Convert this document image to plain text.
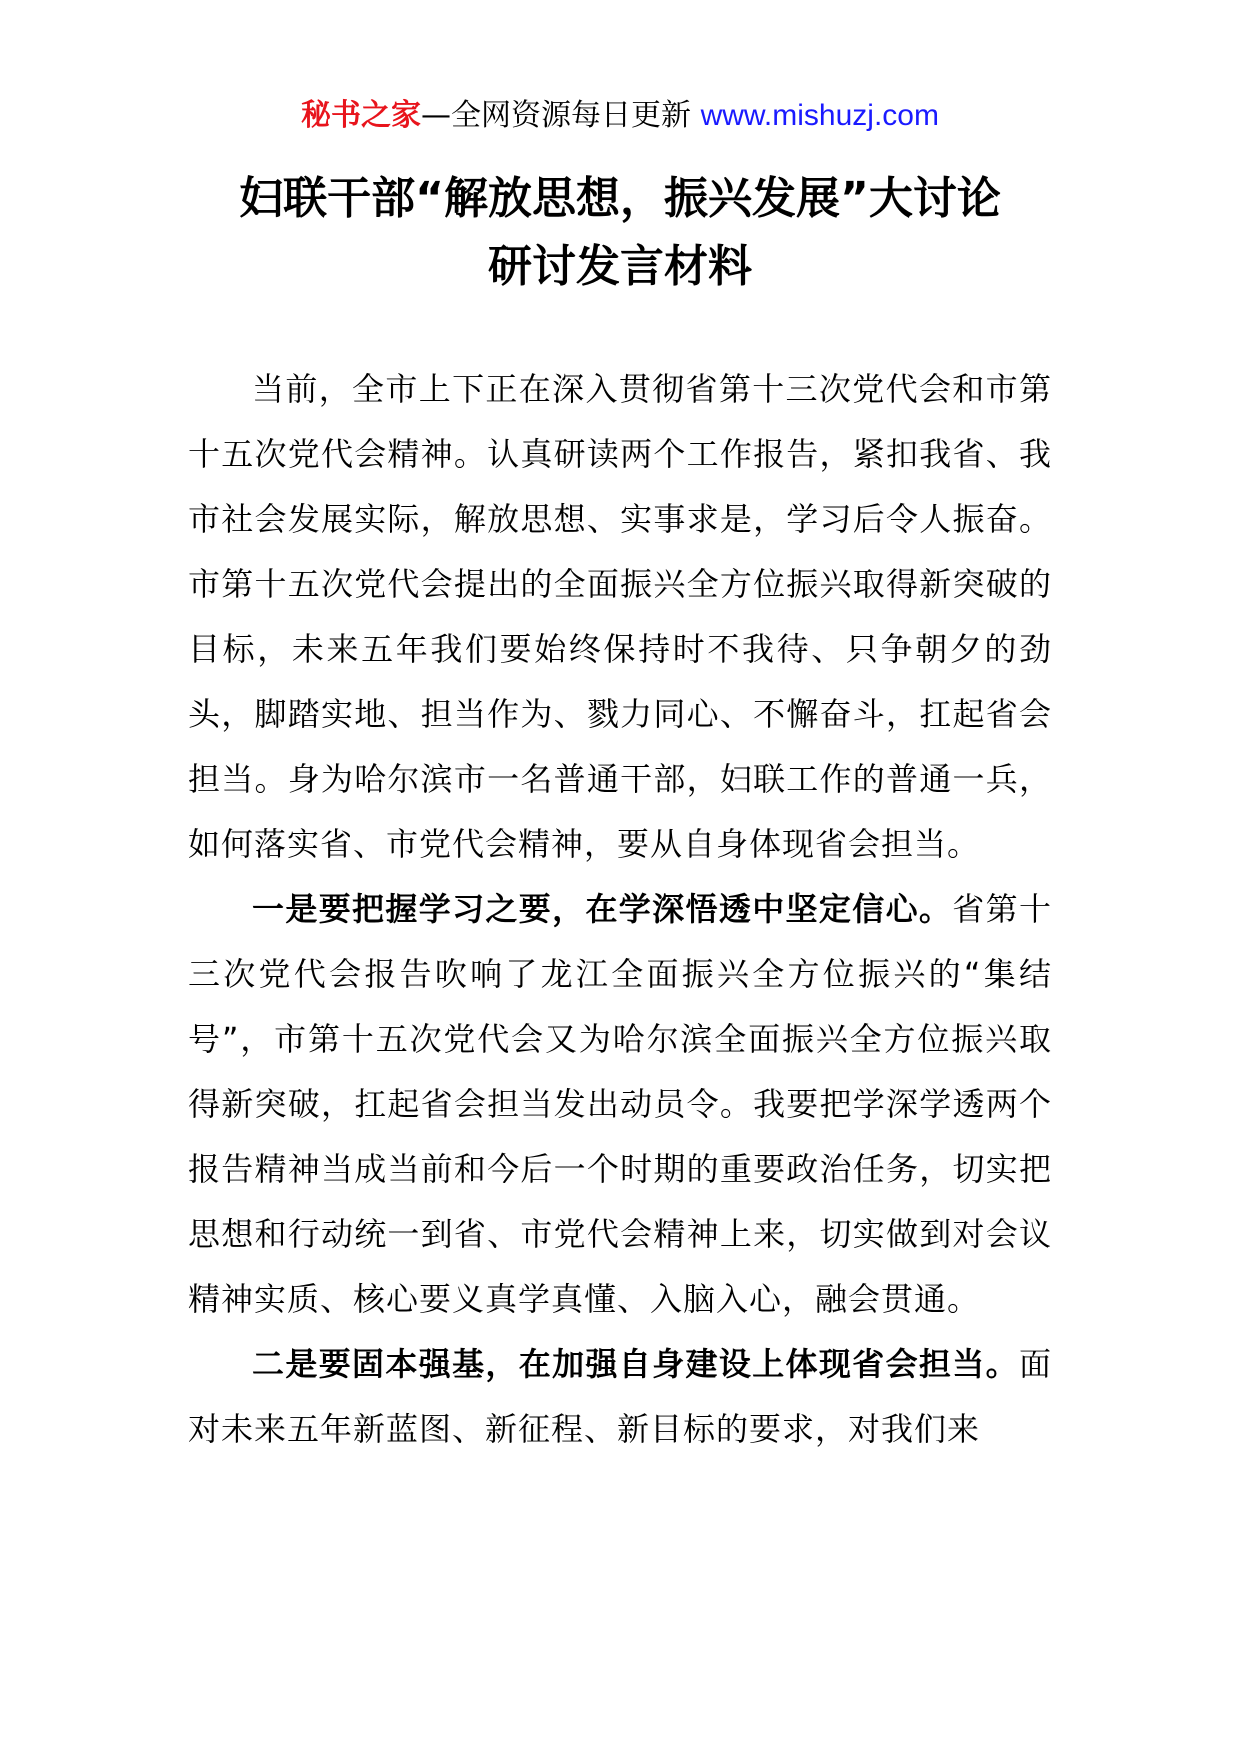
秘书之家—全网资源每日更新 www.mishuzj.com
妇联干部“解放思想，振兴发展”大讨论
研讨发言材料

当前，全市上下正在深入贯彻省第十三次党代会和市第十五次党代会精神。认真研读两个工作报告，紧扣我省、我市社会发展实际，解放思想、实事求是，学习后令人振奋。市第十五次党代会提出的全面振兴全方位振兴取得新突破的目标，未来五年我们要始终保持时不我待、只争朝夕的劲头，脚踏实地、担当作为、戮力同心、不懈奋斗，扛起省会担当。身为哈尔滨市一名普通干部，妇联工作的普通一兵，如何落实省、市党代会精神，要从自身体现省会担当。

一是要把握学习之要，在学深悟透中坚定信心。省第十三次党代会报告吹响了龙江全面振兴全方位振兴的“集结号”，市第十五次党代会又为哈尔滨全面振兴全方位振兴取得新突破，扛起省会担当发出动员令。我要把学深学透两个报告精神当成当前和今后一个时期的重要政治任务，切实把思想和行动统一到省、市党代会精神上来，切实做到对会议精神实质、核心要义真学真懂、入脑入心，融会贯通。

二是要固本强基，在加强自身建设上体现省会担当。面对未来五年新蓝图、新征程、新目标的要求，对我们来
